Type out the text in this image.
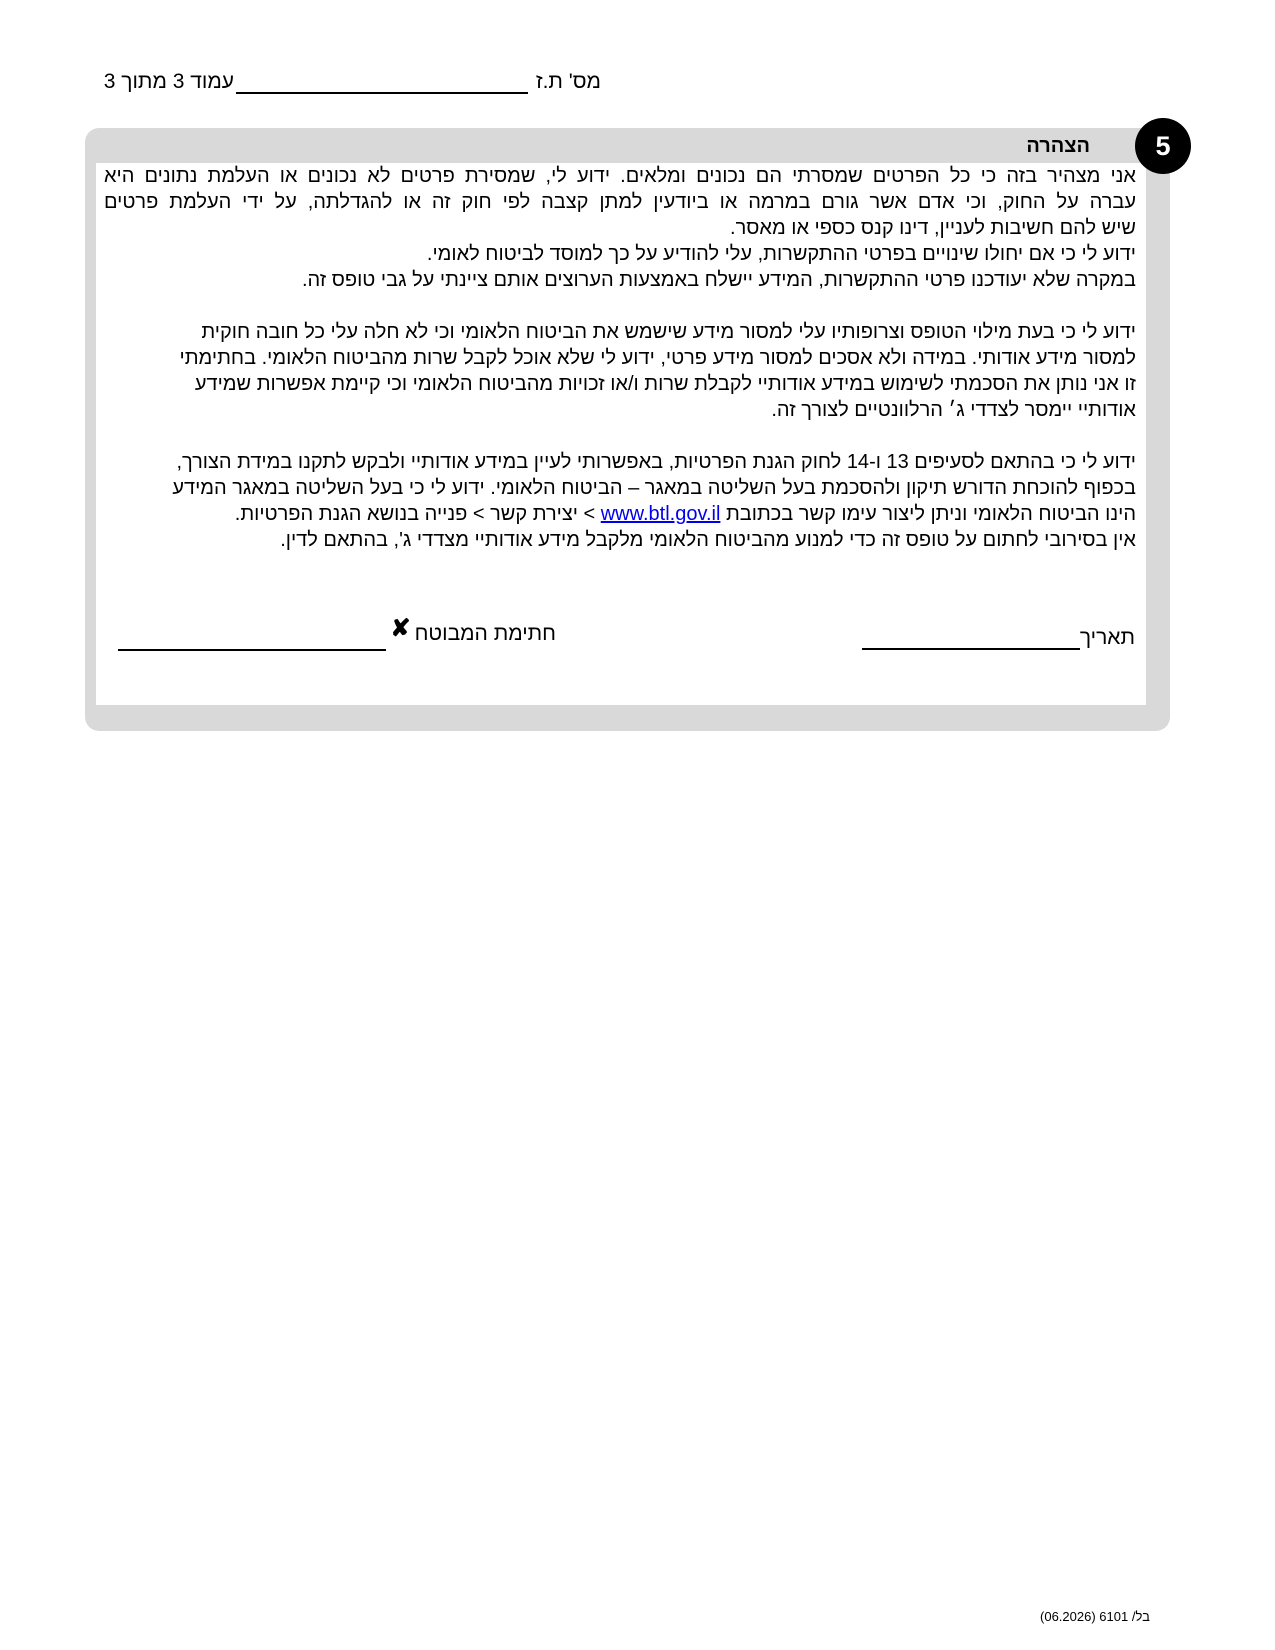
מס' ת.ז עמוד 3 מתוך 3
5
הצהרה

אני מצהיר בזה כי כל הפרטים שמסרתי הם נכונים ומלאים. ידוע לי, שמסירת פרטים לא נכונים או העלמת נתונים היא
עברה על החוק, וכי אדם אשר גורם במרמה או ביודעין למתן קצבה לפי חוק זה או להגדלתה, על ידי העלמת פרטים
שיש להם חשיבות לעניין, דינו קנס כספי או מאסר.
ידוע לי כי אם יחולו שינויים בפרטי ההתקשרות, עלי להודיע על כך למוסד לביטוח לאומי.
במקרה שלא יעודכנו פרטי ההתקשרות, המידע יישלח באמצעות הערוצים אותם ציינתי על גבי טופס זה.

ידוע לי כי בעת מילוי הטופס וצרופותיו עלי למסור מידע שישמש את הביטוח הלאומי וכי לא חלה עלי כל חובה חוקית
למסור מידע אודותי. במידה ולא אסכים למסור מידע פרטי, ידוע לי שלא אוכל לקבל שרות מהביטוח הלאומי. בחתימתי
זו אני נותן את הסכמתי לשימוש במידע אודותיי לקבלת שרות ו/או זכויות מהביטוח הלאומי וכי קיימת אפשרות שמידע
אודותיי יימסר לצדדי ג׳ הרלוונטיים לצורך זה.

ידוע לי כי בהתאם לסעיפים 13 ו-14 לחוק הגנת הפרטיות, באפשרותי לעיין במידע אודותיי ולבקש לתקנו במידת הצורך,
בכפוף להוכחת הדורש תיקון ולהסכמת בעל השליטה במאגר – הביטוח הלאומי. ידוע לי כי בעל השליטה במאגר המידע
הינו הביטוח הלאומי וניתן ליצור עימו קשר בכתובת www.btl.gov.il > יצירת קשר > פנייה בנושא הגנת הפרטיות.
אין בסירובי לחתום על טופס זה כדי למנוע מהביטוח הלאומי מלקבל מידע אודותיי מצדדי ג', בהתאם לדין.

תאריך
חתימת המבוטח✘
בל/ 6101 (06.2026)
